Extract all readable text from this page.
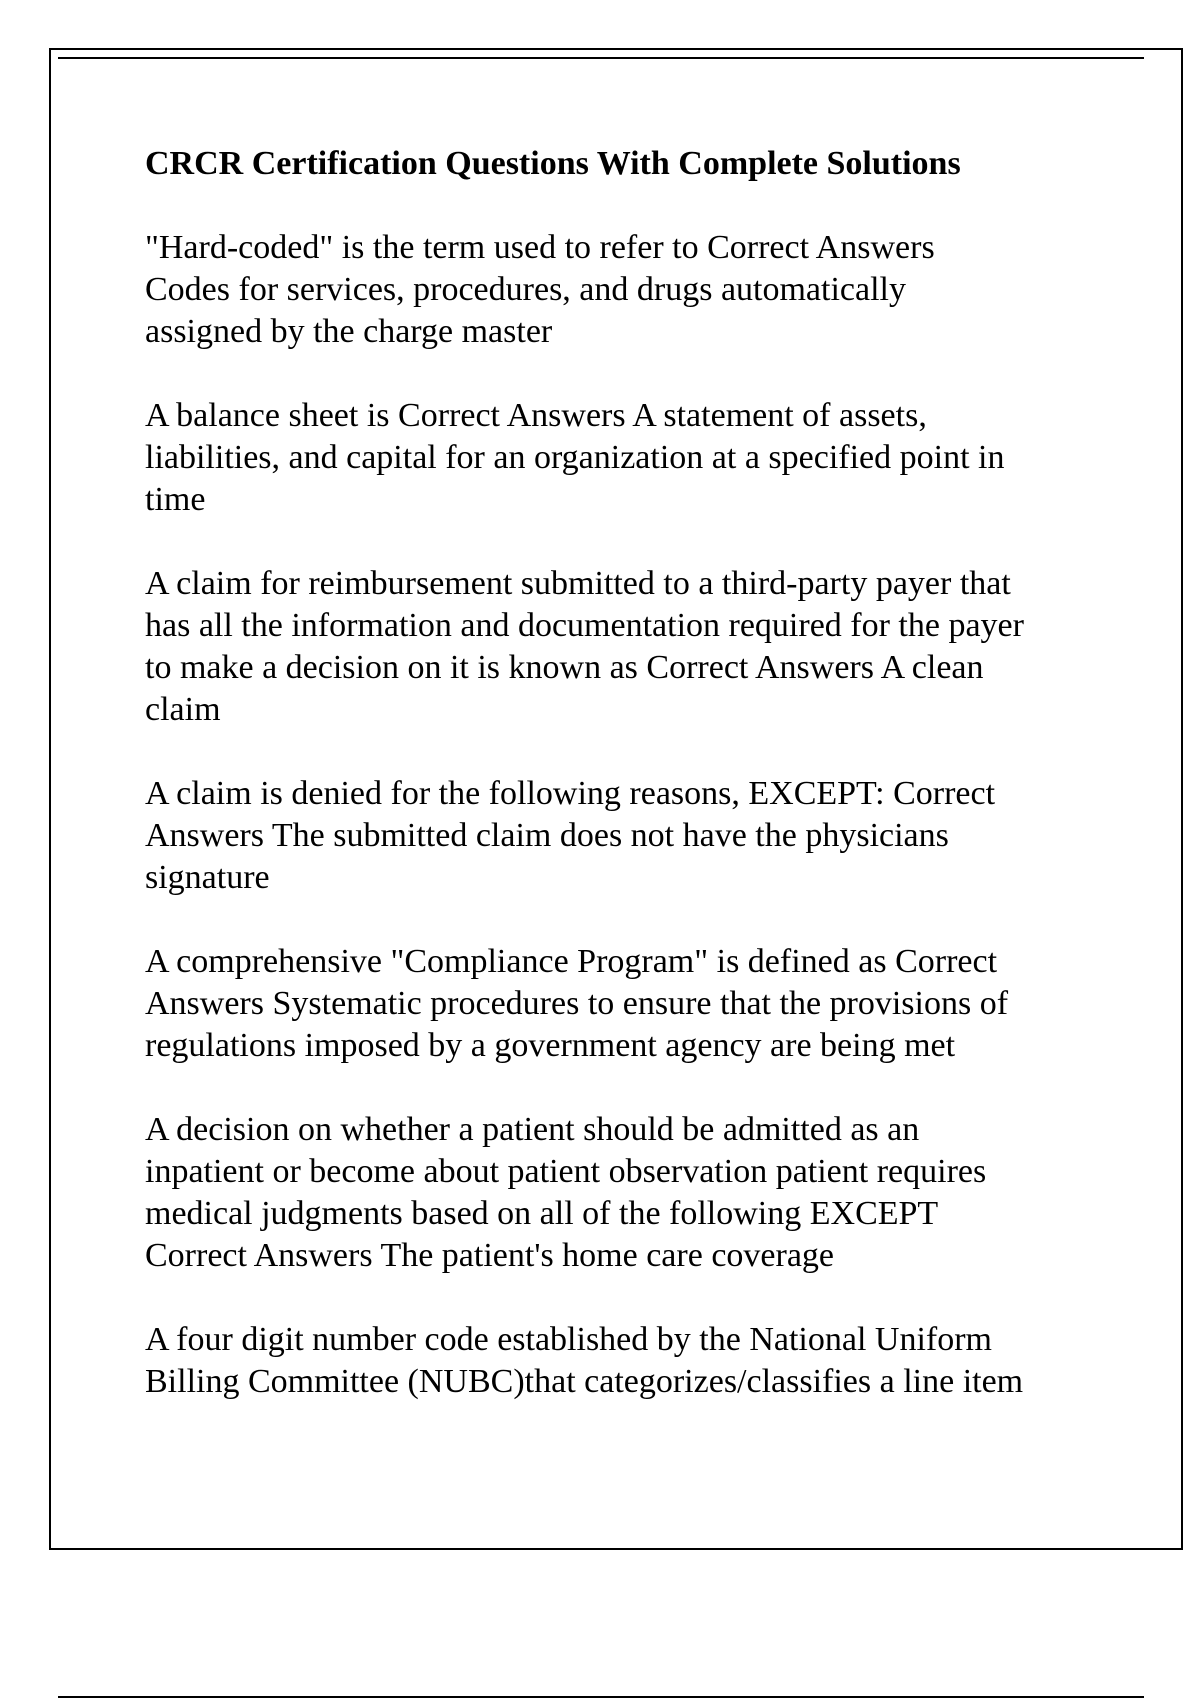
CRCR Certification Questions With Complete Solutions
"Hard-coded" is the term used to refer to Correct Answers
Codes for services, procedures, and drugs automatically
assigned by the charge master
A balance sheet is Correct Answers A statement of assets,
liabilities, and capital for an organization at a specified point in
time
A claim for reimbursement submitted to a third-party payer that
has all the information and documentation required for the payer
to make a decision on it is known as Correct Answers A clean
claim
A claim is denied for the following reasons, EXCEPT: Correct
Answers The submitted claim does not have the physicians
signature
A comprehensive "Compliance Program" is defined as Correct
Answers Systematic procedures to ensure that the provisions of
regulations imposed by a government agency are being met
A decision on whether a patient should be admitted as an
inpatient or become about patient observation patient requires
medical judgments based on all of the following EXCEPT
Correct Answers The patient's home care coverage
A four digit number code established by the National Uniform
Billing Committee (NUBC)that categorizes/classifies a line item
